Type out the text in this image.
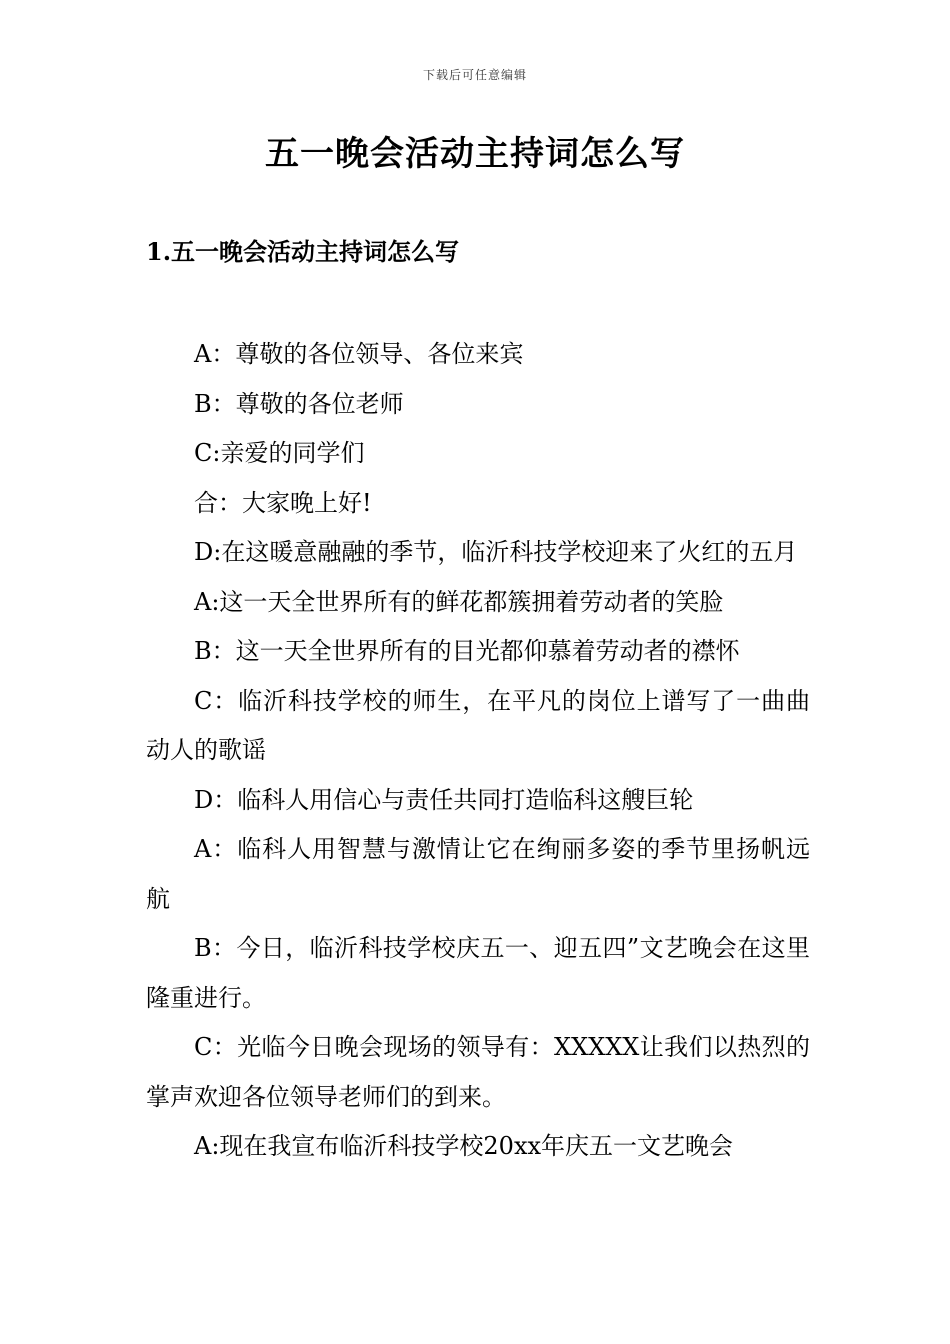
下载后可任意编辑
五一晚会活动主持词怎么写
1.五一晚会活动主持词怎么写

A：尊敬的各位领导、各位来宾

B：尊敬的各位老师

C:亲爱的同学们

合：大家晚上好!

D:在这暖意融融的季节，临沂科技学校迎来了火红的五月

A:这一天全世界所有的鲜花都簇拥着劳动者的笑脸

B：这一天全世界所有的目光都仰慕着劳动者的襟怀

C：临沂科技学校的师生，在平凡的岗位上谱写了一曲曲动人的歌谣

D：临科人用信心与责任共同打造临科这艘巨轮

A：临科人用智慧与激情让它在绚丽多姿的季节里扬帆远航

B：今日，临沂科技学校庆五一、迎五四”文艺晚会在这里隆重进行。

C：光临今日晚会现场的领导有：XXXXX让我们以热烈的掌声欢迎各位领导老师们的到来。

A:现在我宣布临沂科技学校20xx年庆五一文艺晚会
